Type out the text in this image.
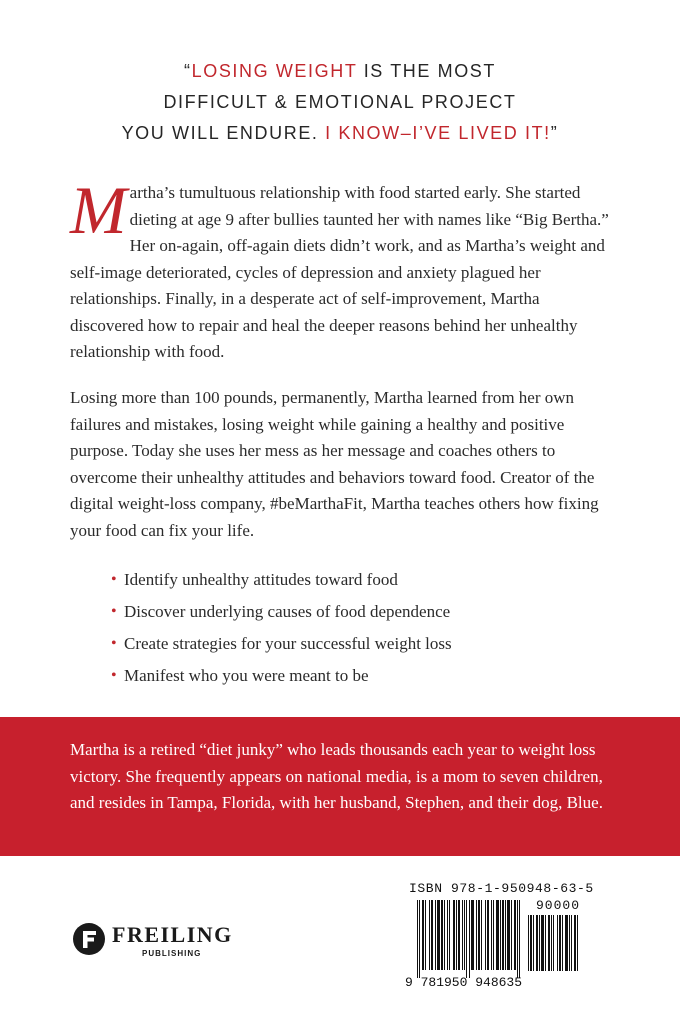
“LOSING WEIGHT IS THE MOST
DIFFICULT & EMOTIONAL PROJECT
YOU WILL ENDURE. I KNOW–I’VE LIVED IT!”

Martha’s tumultuous relationship with food started early. She started dieting at age 9 after bullies taunted her with names like “Big Bertha.” Her on-again, off-again diets didn’t work, and as Martha’s weight and self-image deteriorated, cycles of depression and anxiety plagued her relationships. Finally, in a desperate act of self-improvement, Martha discovered how to repair and heal the deeper reasons behind her unhealthy relationship with food.

Losing more than 100 pounds, permanently, Martha learned from her own failures and mistakes, losing weight while gaining a healthy and positive purpose. Today she uses her mess as her message and coaches others to overcome their unhealthy attitudes and behaviors toward food. Creator of the digital weight-loss company, #beMarthaFit, Martha teaches others how fixing your food can fix your life.

• Identify unhealthy attitudes toward food
• Discover underlying causes of food dependence
• Create strategies for your successful weight loss
• Manifest who you were meant to be

Martha is a retired “diet junky” who leads thousands each year to weight loss victory. She frequently appears on national media, is a mom to seven children, and resides in Tampa, Florida, with her husband, Stephen, and their dog, Blue.

FREILING
PUBLISHING
ISBN 978-1-950948-63-5
90000
9 781950 948635
